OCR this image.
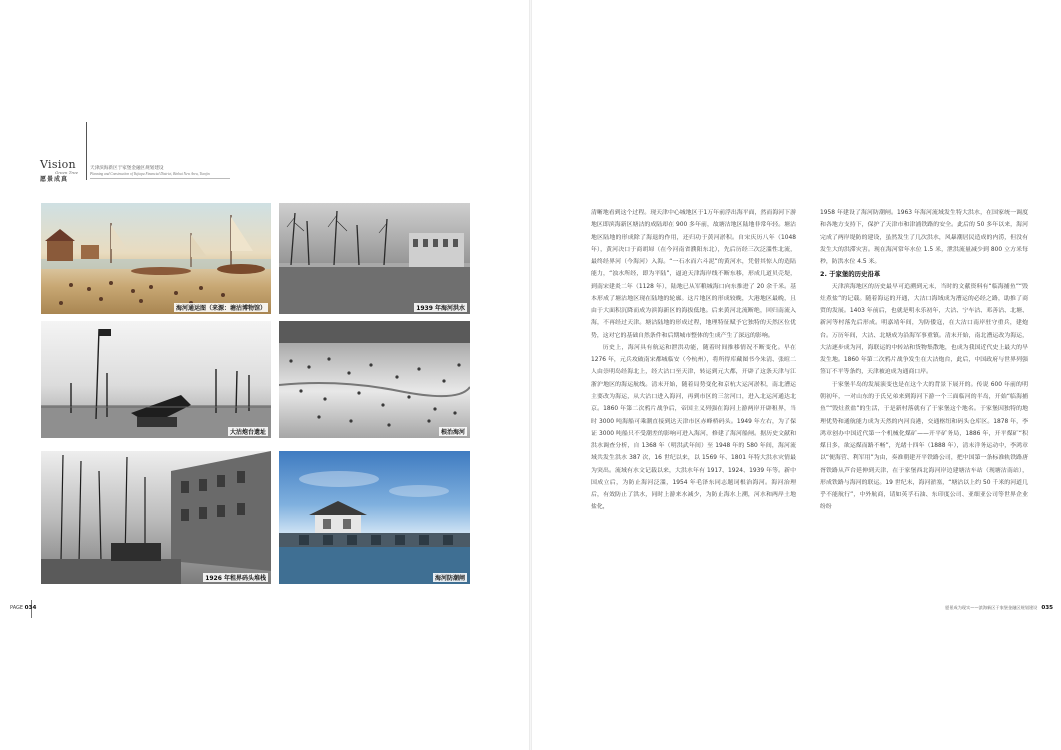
Vision
Green Tree
愿景成真
天津滨海新区于家堡金融区规划建设
Planning and Construction of Yujiapu Financial District, Binhai New Area, Tianjin
海河通运图（来源：塘沽博物馆）	1939 年海河洪水
大沽炮台遗址	根治海河
1926 年租界码头堆栈	海河防潮闸

清晰地看到这个过程。现天津中心城地区于1万年前浮出海平面，然而海河下游地区即滨海新区塘沽的成陆却在 900 多年前，故塘沽地区陆地非常年轻。塘沽地区陆地的形成除了海退的作用，还归功于黄河淤积。自宋庆历八年（1048 年），黄河决口于商胡埽（在今河南省濮阳东北），先后历经三次泛滥性北流，最终经界河（今海河）入海。“一石水而六斗泥”的黄河水，凭借其惊人的造陆能力，“浊水所经，即为平陆”，逼迫天津海岸线不断东移，形成几道贝壳堤，到南宋建炎二年（1128 年），陆地已从军粮城海口向东推进了 20 余千米。基本形成了塘沽地区现在陆地的轮廓。这片地区的形成较晚，大港地区最晚，且由于大面积沉降而成为滨海新区的海拔低地。后来黄河北流断绝，回归南流入海，不再经过天津。塘沽陆地的形成过程，地理特征赋予它独特的天然区位优势，这对它的基础自然条件和后期城市整体的生成产生了深远的影响。

历史上，海河具有航运和泄洪功能，随着时间推移情况不断变化。早在 1276 年，元兵攻破南宋都城临安（今杭州），将所得库藏图书今朱清、张暄二人由崇明岛经海北上，经大沽口至天津，转运到元大都，开辟了这条天津与江浙沪地区的海运航线。清末开始，随着局势变化和京杭大运河淤积，南北漕运主要改为海运，从大沽口进入海河，再到市区的三岔河口，进入北运河通达北京。1860 年第二次鸦片战争后，帝国主义列强在海河上游两岸开辟租界，当时 3000 吨海船可乘潮直接到达天津市区赤峰桥码头。1949 年左右，为了保证 3000 吨船只不受潮差的影响可进入海河，修建了海河船闸。据历史文献和洪水调查分析，自 1368 年（明洪武年间）至 1948 年的 580 年间，海河流域共发生洪水 387 次，16 世纪以来，以 1569 年、1801 年特大洪水灾情最为突出。流域有水文记载以来，大洪水年有 1917、1924、1939 年等。新中国成立后，为防止海河泛滥，1954 年毛泽东同志题词根治海河。海河治理后，有效防止了洪水，同时上游来水减少，为防止海水上溯，河水和两岸土地盐化，

1958 年建设了海河防潮闸。1963 年海河流域发生特大洪水，在国家统一调度和各地方支持下，保护了天津市和津浦铁路的安全。此后的 50 多年以来，海河完成了两岸堤防的建设，虽然发生了几次洪水，风暴潮居民造成的内涝，但没有发生大的洪滞灾害。现在海河常年水位 1.5 米，泄洪流量减少到 800 立方米每秒，防洪水位 4.5 米。

2. 于家堡的历史沿革

天津滨海地区的历史最早可追溯到元末，当时的文献资料有“临海捕鱼”“毁灶煮盐”的记载。随着海运的开通，大沽口海域成为漕运的必经之路，助推了商贸的发展。1403 年前后，也就是明永乐初年，大沽、宁车沽、邓善沽、北塘、新河等村落先后形成。明嘉靖年间，为防倭寇，在大沽口南岸驻守重兵，建炮台。万历年间，大沽、北塘成为沿海军事重镇。清末开始，南北漕运改为海运，大沽逐步成为河，海联运的中转站和货物集散地，也成为我国近代史上最大的旱发生地。1860 年第二次鸦片战争发生在大沽炮台，此后，中国政府与世界列强签订不平等条约，天津被迫成为通商口岸。

于家堡半岛的发展演变也是在这个大的背景下展开的。传说 600 年前的明朝初年，一对山东的于氏兄弟来到海河下游一个三面临河的半岛，开始“临海捕鱼”“毁灶煮盐”的生活，于是新村落就有了于家堡这个地名。于家堡因独特的地理优势和通航能力成为天然的内河良港，交通枢纽和码头仓库区。1878 年，李鸿章创办中国近代第一个机械化煤矿——开平矿务局，1886 年，开平煤矿“积煤日多，欲运煤而路不畅”，光绪十四年（1888 年），清末洋务运动中，李鸿章以“便海营、利军用”为由，奏准朝建开平铁路公司，把中国第一条标准轨铁路唐胥铁路从芦台延伸到天津，在于家堡西北海河岸边建塘沽车站（现塘沽南站），形成铁路与海河的联运。19 世纪末，海河淤塞，“塘沽以上约 50 千米的河道几乎不能航行”，中外航商，请如英孚石油、东印度公司、亚细亚公司等世界企业纷纷

PAGE 034	愿景成为现实——滨海新区于家堡金融区规划建设 035
